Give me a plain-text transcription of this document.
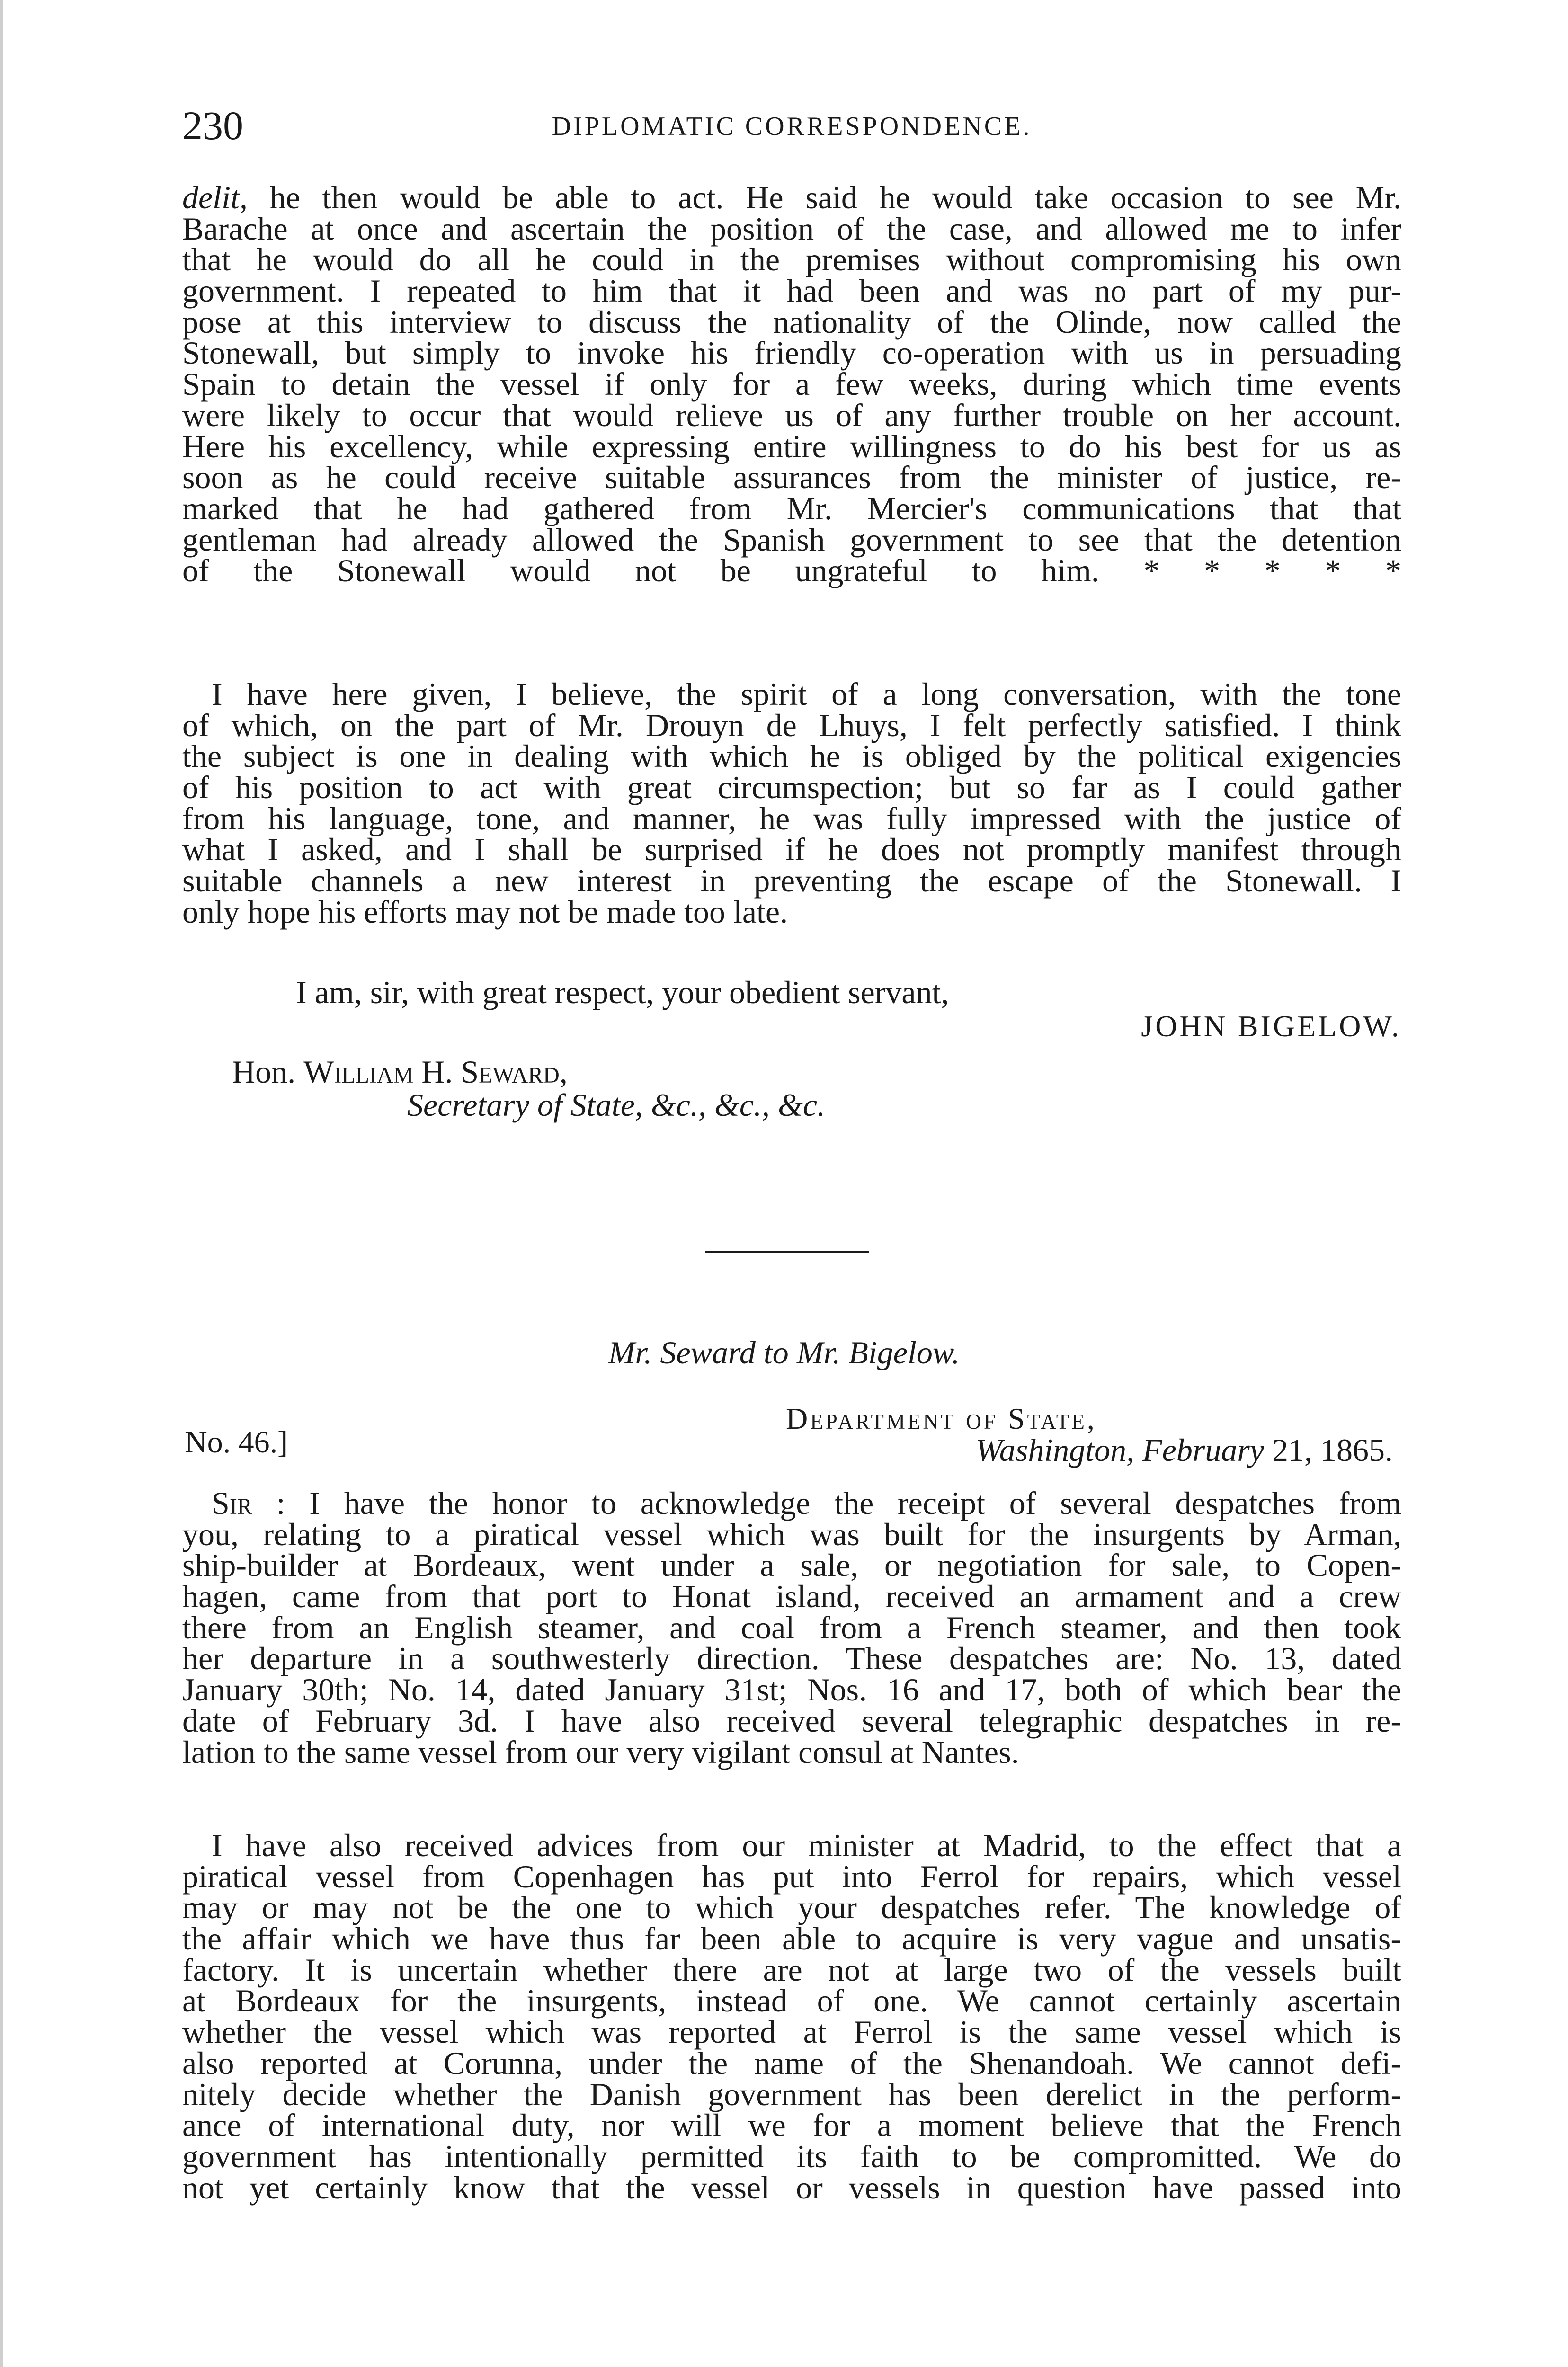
230	DIPLOMATIC CORRESPONDENCE.
delit, he then would be able to act. He said he would take occasion to see Mr.
Barache at once and ascertain the position of the case, and allowed me to infer
that he would do all he could in the premises without compromising his own
government. I repeated to him that it had been and was no part of my pur-
pose at this interview to discuss the nationality of the Olinde, now called the
Stonewall, but simply to invoke his friendly co-operation with us in persuading
Spain to detain the vessel if only for a few weeks, during which time events
were likely to occur that would relieve us of any further trouble on her account.
Here his excellency, while expressing entire willingness to do his best for us as
soon as he could receive suitable assurances from the minister of justice, re-
marked that he had gathered from Mr. Mercier's communications that that
gentleman had already allowed the Spanish government to see that the detention
of the Stonewall would not be ungrateful to him. * * * * *
I have here given, I believe, the spirit of a long conversation, with the tone
of which, on the part of Mr. Drouyn de Lhuys, I felt perfectly satisfied. I think
the subject is one in dealing with which he is obliged by the political exigencies
of his position to act with great circumspection; but so far as I could gather
from his language, tone, and manner, he was fully impressed with the justice of
what I asked, and I shall be surprised if he does not promptly manifest through
suitable channels a new interest in preventing the escape of the Stonewall. I
only hope his efforts may not be made too late.
I am, sir, with great respect, your obedient servant,
JOHN BIGELOW.
Hon. William H. Seward,
Secretary of State, &c., &c., &c.
Mr. Seward to Mr. Bigelow.
No. 46.]
Department of State,
Washington, February 21, 1865.
Sir : I have the honor to acknowledge the receipt of several despatches from
you, relating to a piratical vessel which was built for the insurgents by Arman,
ship-builder at Bordeaux, went under a sale, or negotiation for sale, to Copen-
hagen, came from that port to Honat island, received an armament and a crew
there from an English steamer, and coal from a French steamer, and then took
her departure in a southwesterly direction. These despatches are: No. 13, dated
January 30th; No. 14, dated January 31st; Nos. 16 and 17, both of which bear the
date of February 3d. I have also received several telegraphic despatches in re-
lation to the same vessel from our very vigilant consul at Nantes.
I have also received advices from our minister at Madrid, to the effect that a
piratical vessel from Copenhagen has put into Ferrol for repairs, which vessel
may or may not be the one to which your despatches refer. The knowledge of
the affair which we have thus far been able to acquire is very vague and unsatis-
factory. It is uncertain whether there are not at large two of the vessels built
at Bordeaux for the insurgents, instead of one. We cannot certainly ascertain
whether the vessel which was reported at Ferrol is the same vessel which is
also reported at Corunna, under the name of the Shenandoah. We cannot defi-
nitely decide whether the Danish government has been derelict in the perform-
ance of international duty, nor will we for a moment believe that the French
government has intentionally permitted its faith to be compromitted. We do
not yet certainly know that the vessel or vessels in question have passed into
